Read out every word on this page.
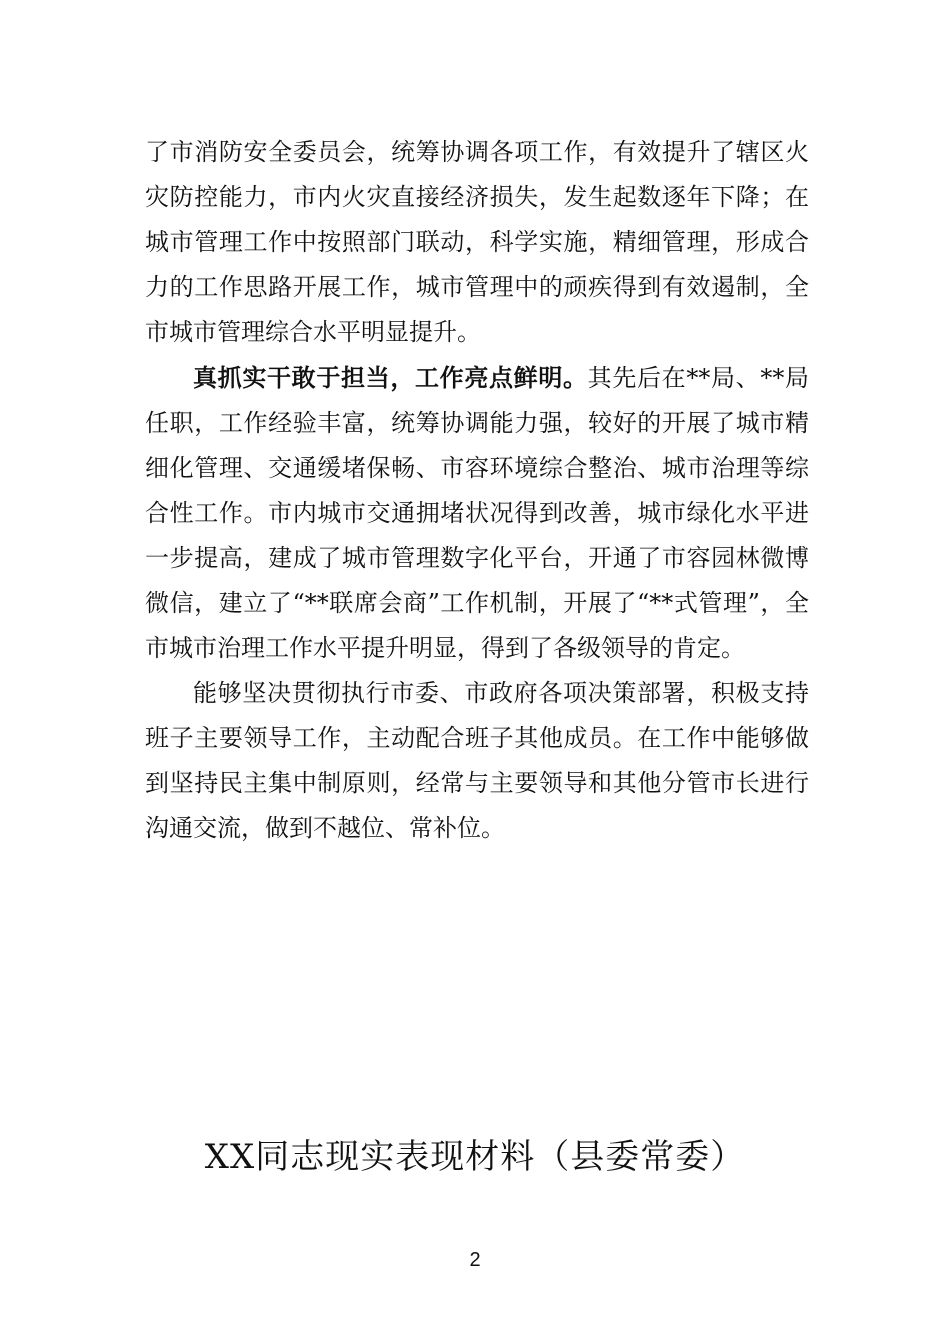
了市消防安全委员会，统筹协调各项工作，有效提升了辖区火灾防控能力，市内火灾直接经济损失，发生起数逐年下降；在城市管理工作中按照部门联动，科学实施，精细管理，形成合力的工作思路开展工作，城市管理中的顽疾得到有效遏制，全市城市管理综合水平明显提升。

真抓实干敢于担当，工作亮点鲜明。其先后在**局、**局任职，工作经验丰富，统筹协调能力强，较好的开展了城市精细化管理、交通缓堵保畅、市容环境综合整治、城市治理等综合性工作。市内城市交通拥堵状况得到改善，城市绿化水平进一步提高，建成了城市管理数字化平台，开通了市容园林微博微信，建立了“**联席会商”工作机制，开展了“**式管理”，全市城市治理工作水平提升明显，得到了各级领导的肯定。

能够坚决贯彻执行市委、市政府各项决策部署，积极支持班子主要领导工作，主动配合班子其他成员。在工作中能够做到坚持民主集中制原则，经常与主要领导和其他分管市长进行沟通交流，做到不越位、常补位。

XX同志现实表现材料（县委常委）
2
